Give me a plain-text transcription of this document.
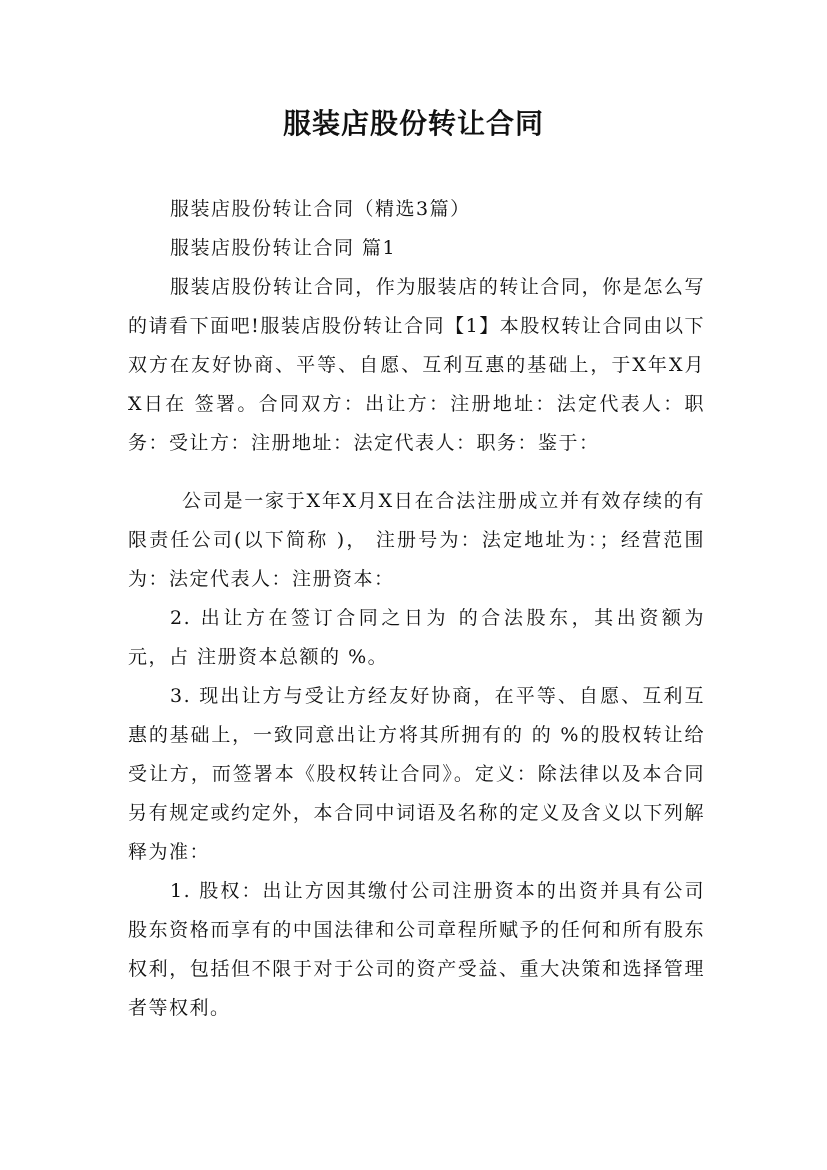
服装店股份转让合同

服装店股份转让合同（精选3篇）

服装店股份转让合同 篇1

服装店股份转让合同，作为服装店的转让合同，你是怎么写的请看下面吧!服装店股份转让合同【1】本股权转让合同由以下双方在友好协商、平等、自愿、互利互惠的基础上，于X年X月X日在 签署。合同双方：出让方：注册地址：法定代表人：职务：受让方：注册地址：法定代表人：职务：鉴于：

公司是一家于X年X月X日在合法注册成立并有效存续的有限责任公司(以下简称 )， 注册号为：法定地址为：；经营范围为：法定代表人：注册资本：

2. 出让方在签订合同之日为 的合法股东，其出资额为 元，占 注册资本总额的 %。

3. 现出让方与受让方经友好协商，在平等、自愿、互利互惠的基础上，一致同意出让方将其所拥有的 的 %的股权转让给受让方，而签署本《股权转让合同》。定义：除法律以及本合同另有规定或约定外，本合同中词语及名称的定义及含义以下列解释为准：

1. 股权：出让方因其缴付公司注册资本的出资并具有公司股东资格而享有的中国法律和公司章程所赋予的任何和所有股东权利，包括但不限于对于公司的资产受益、重大决策和选择管理者等权利。
